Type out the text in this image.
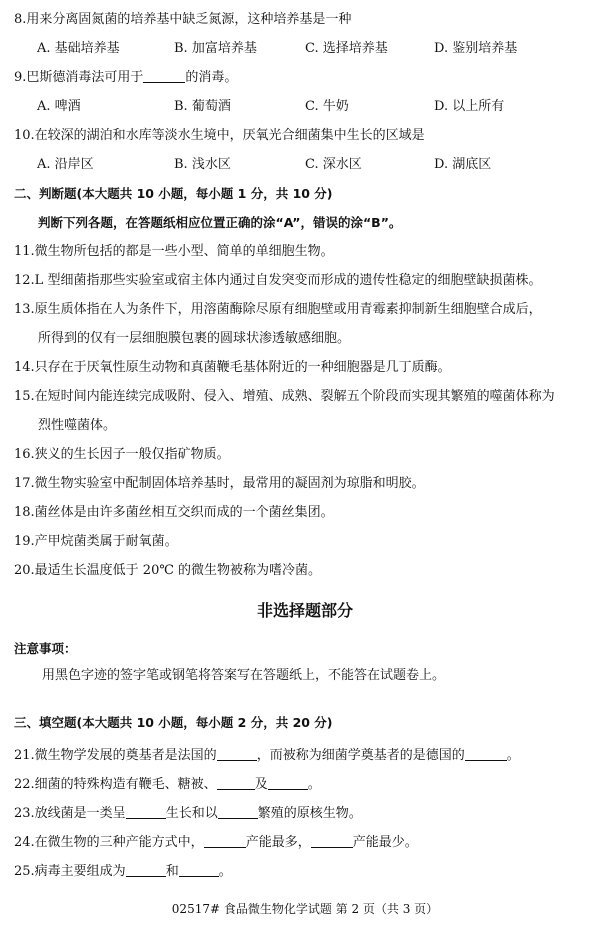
8.用来分离固氮菌的培养基中缺乏氮源，这种培养基是一种
A. 基础培养基	B. 加富培养基	C. 选择培养基	D. 鉴别培养基
9.巴斯德消毒法可用于	的消毒。
A. 啤酒	B. 葡萄酒	C. 牛奶	D. 以上所有
10.在较深的湖泊和水库等淡水生境中，厌氧光合细菌集中生长的区域是
A. 沿岸区	B. 浅水区	C. 深水区	D. 湖底区
二、判断题(本大题共 10 小题，每小题 1 分，共 10 分)
判断下列各题，在答题纸相应位置正确的涂“A”，错误的涂“B”。
11.微生物所包括的都是一些小型、简单的单细胞生物。
12.L 型细菌指那些实验室或宿主体内通过自发突变而形成的遗传性稳定的细胞壁缺损菌株。
13.原生质体指在人为条件下，用溶菌酶除尽原有细胞壁或用青霉素抑制新生细胞壁合成后，
所得到的仅有一层细胞膜包裹的圆球状渗透敏感细胞。
14.只存在于厌氧性原生动物和真菌鞭毛基体附近的一种细胞器是几丁质酶。
15.在短时间内能连续完成吸附、侵入、增殖、成熟、裂解五个阶段而实现其繁殖的噬菌体称为
烈性噬菌体。
16.狭义的生长因子一般仅指矿物质。
17.微生物实验室中配制固体培养基时，最常用的凝固剂为琼脂和明胶。
18.菌丝体是由许多菌丝相互交织而成的一个菌丝集团。
19.产甲烷菌类属于耐氧菌。
20.最适生长温度低于 20℃ 的微生物被称为嗜冷菌。
非选择题部分
注意事项：
用黑色字迹的签字笔或钢笔将答案写在答题纸上，不能答在试题卷上。
三、填空题(本大题共 10 小题，每小题 2 分，共 20 分)
21.微生物学发展的奠基者是法国的	，而被称为细菌学奠基者的是德国的	。
22.细菌的特殊构造有鞭毛、糖被、	及	。
23.放线菌是一类呈	生长和以	繁殖的原核生物。
24.在微生物的三种产能方式中，	产能最多，	产能最少。
25.病毒主要组成为	和	。
02517# 食品微生物化学试题 第 2 页（共 3 页）
